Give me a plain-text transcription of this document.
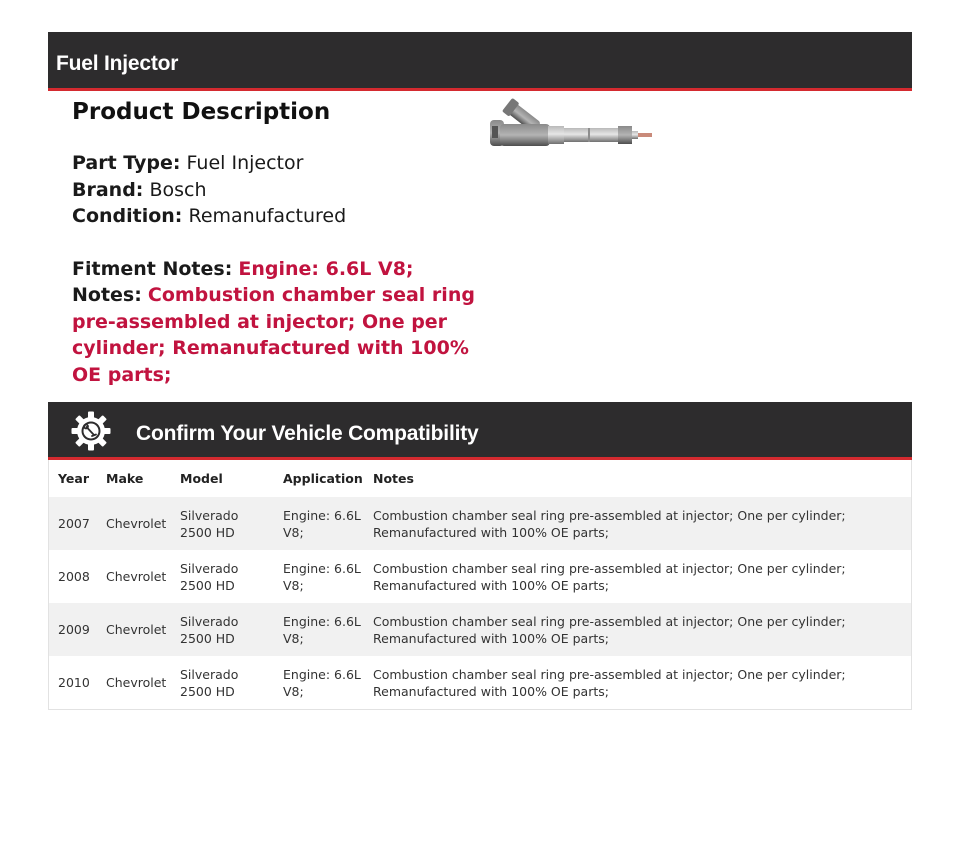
Fuel Injector
Product Description
Part Type: Fuel Injector
Brand: Bosch
Condition: Remanufactured
Fitment Notes: Engine: 6.6L V8;
Notes: Combustion chamber seal ring pre-assembled at injector; One per cylinder; Remanufactured with 100% OE parts;
Confirm Your Vehicle Compatibility
Year	Make	Model	Application	Notes
2007	Chevrolet	Silverado 2500 HD	Engine: 6.6L V8;	Combustion chamber seal ring pre-assembled at injector; One per cylinder; Remanufactured with 100% OE parts;
2008	Chevrolet	Silverado 2500 HD	Engine: 6.6L V8;	Combustion chamber seal ring pre-assembled at injector; One per cylinder; Remanufactured with 100% OE parts;
2009	Chevrolet	Silverado 2500 HD	Engine: 6.6L V8;	Combustion chamber seal ring pre-assembled at injector; One per cylinder; Remanufactured with 100% OE parts;
2010	Chevrolet	Silverado 2500 HD	Engine: 6.6L V8;	Combustion chamber seal ring pre-assembled at injector; One per cylinder; Remanufactured with 100% OE parts;
